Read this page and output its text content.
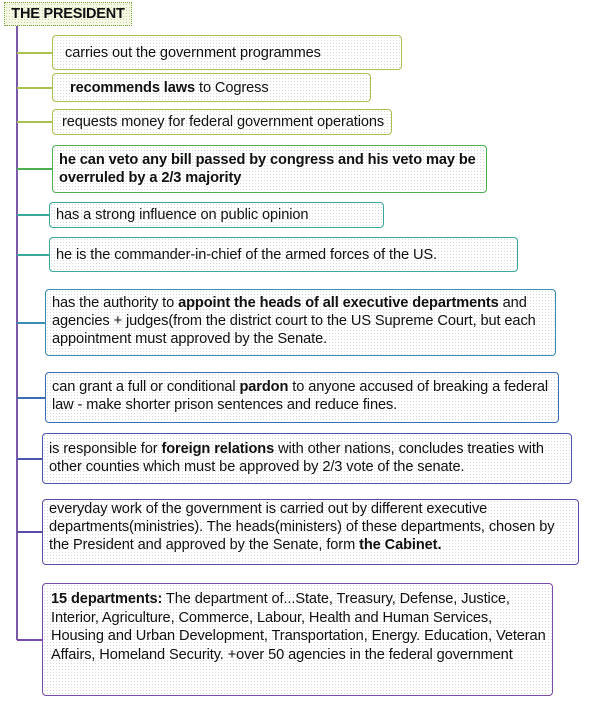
THE PRESIDENT
carries out the government programmes
recommends laws to Cogress
requests money for federal government operations
he can veto any bill passed by congress and his veto may be overruled by a 2/3 majority
has a strong influence on public opinion
he is the commander-in-chief of the armed forces of the US.
has the authority to appoint the heads of all executive departments and agencies + judges(from the district court to the US Supreme Court, but each appointment must approved by the Senate.
can grant a full or conditional pardon to anyone accused of breaking a federal law - make shorter prison sentences and reduce fines.
is responsible for foreign relations with other nations, concludes treaties with other counties which must be approved by 2/3 vote of the senate.
everyday work of the government is carried out by different executive departments(ministries). The heads(ministers) of these departments, chosen by the President and approved by the Senate, form the Cabinet.
15 departments: The department of...State, Treasury, Defense, Justice, Interior, Agriculture, Commerce, Labour, Health and Human Services, Housing and Urban Development, Transportation, Energy. Education, Veteran Affairs, Homeland Security. +over 50 agencies in the federal government
